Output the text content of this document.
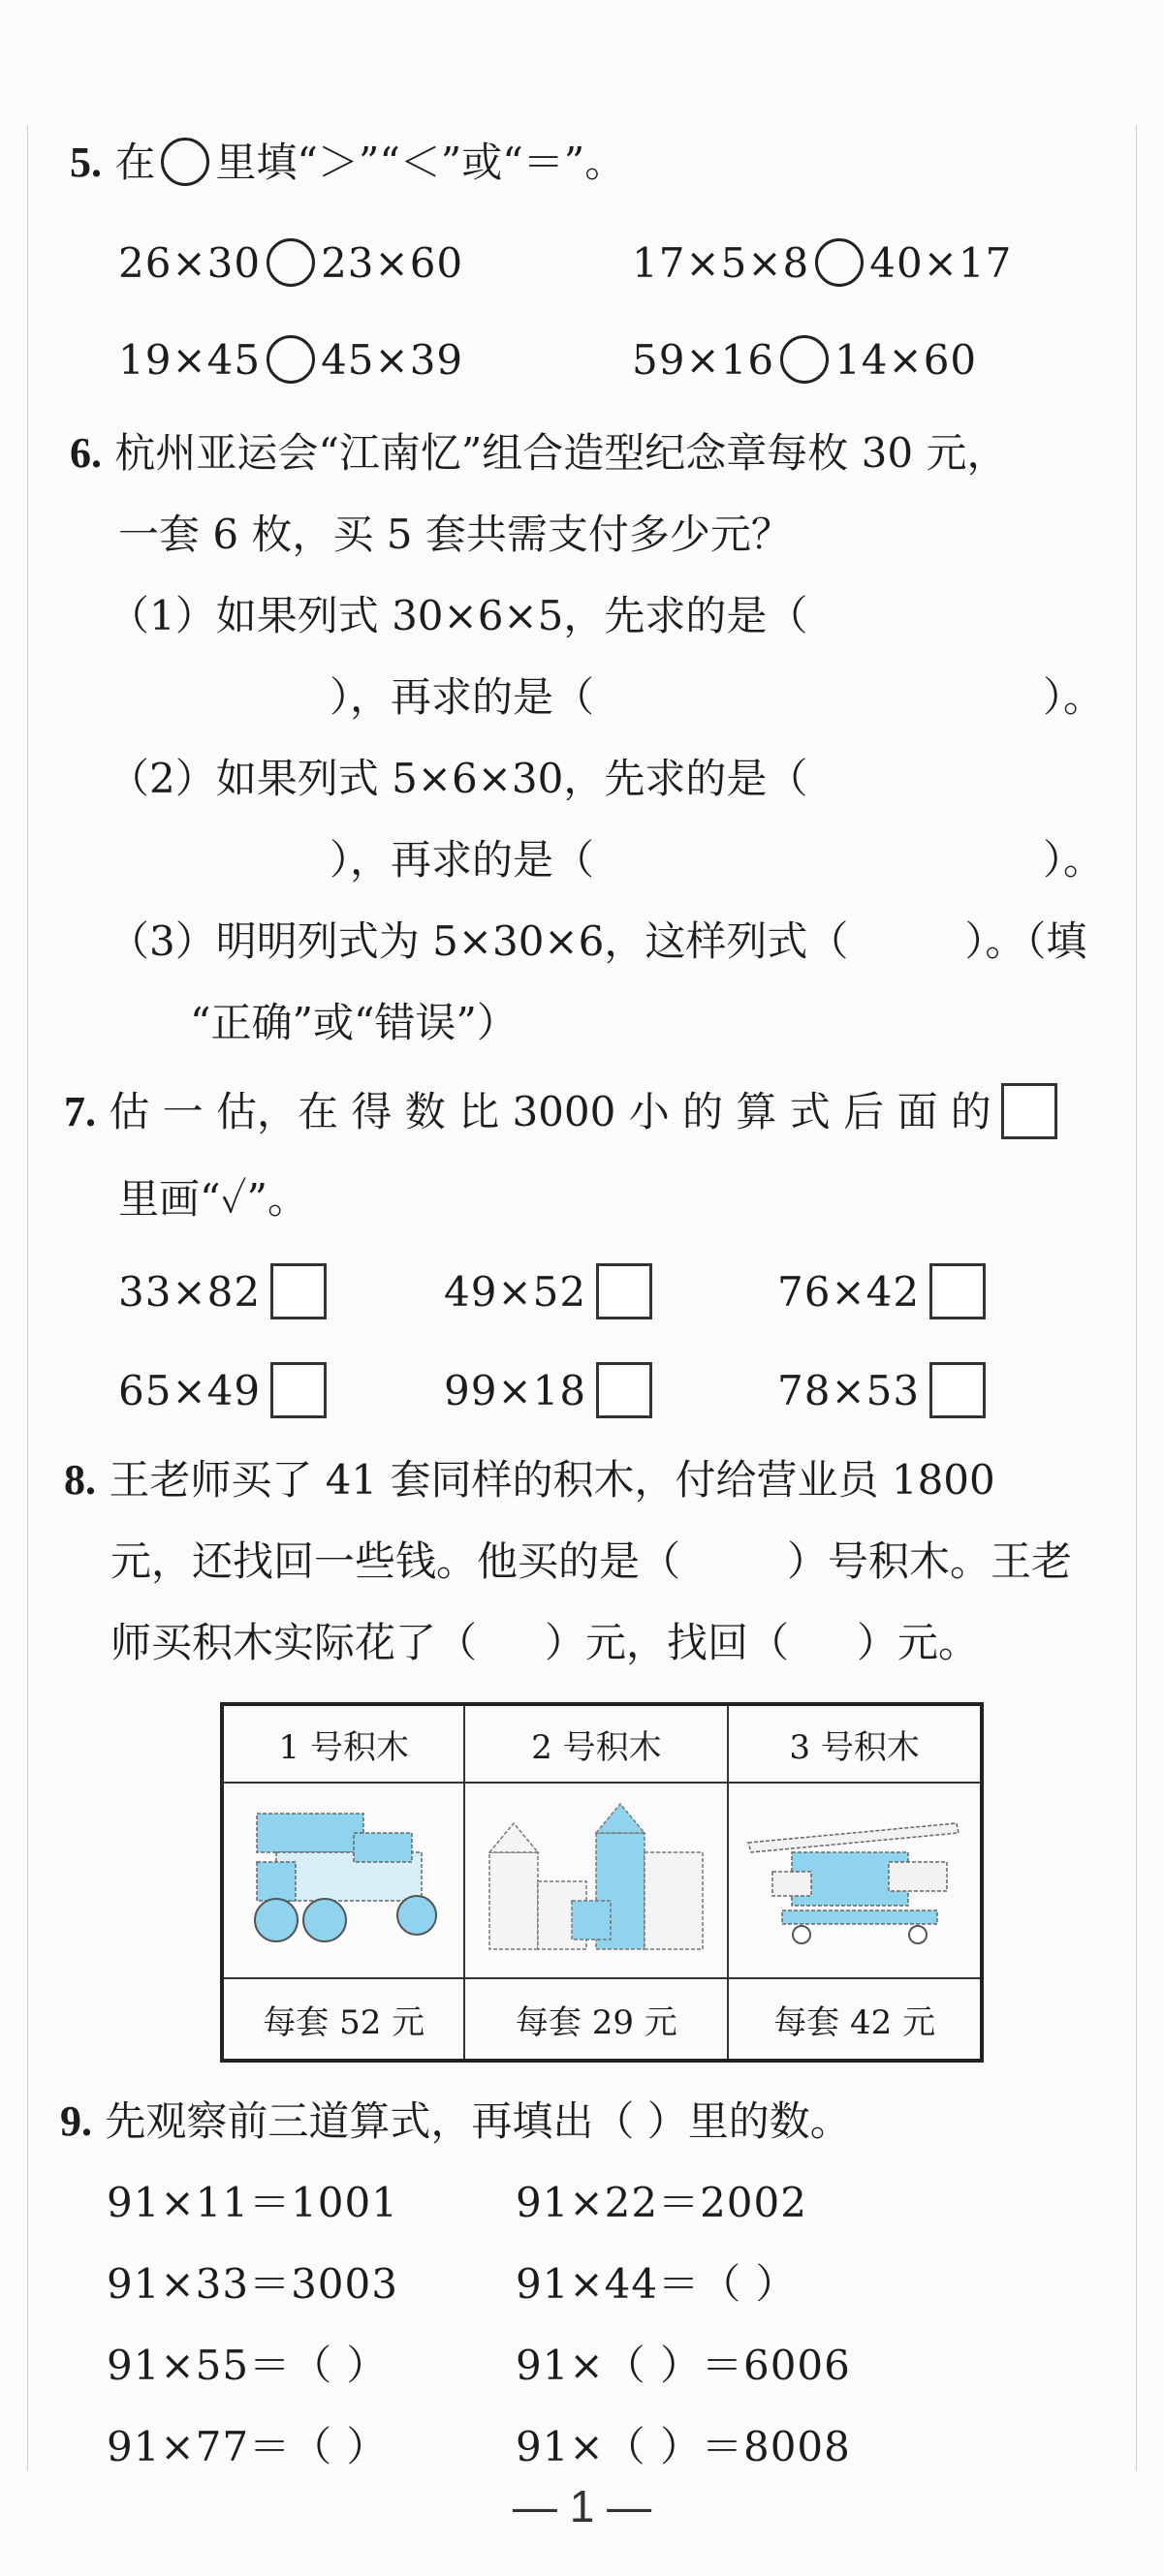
5. 在 里填“＞”“＜”或“＝”。
26×30 23×60	17×5×8 40×17
19×45 45×39	59×16 14×60
6. 杭州亚运会“江南忆”组合造型纪念章每枚 30 元，
一套 6 枚，买 5 套共需支付多少元？
（1）如果列式 30×6×5，先求的是（
），再求的是（	）。
（2）如果列式 5×6×30，先求的是（
），再求的是（	）。
（3）明明列式为 5×30×6，这样列式（	）。（填
“正确”或“错误”）
7. 估 一 估，在 得 数 比 3000 小 的 算 式 后 面 的
里画“✓”。
33×82	49×52	76×42
65×49	99×18	78×53
8. 王老师买了 41 套同样的积木，付给营业员 1800
元，还找回一些钱。他买的是（	）号积木。王老
师买积木实际花了（ ）元，找回（ ）元。
1 号积木	2 号积木	3 号积木

每套 52 元	每套 29 元	每套 42 元
9. 先观察前三道算式，再填出（ ）里的数。
91×11＝1001	91×22＝2002
91×33＝3003	91×44＝（ ）
91×55＝（ ）	91×（ ）＝6006
91×77＝（ ）	91×（ ）＝8008
— 1 —
